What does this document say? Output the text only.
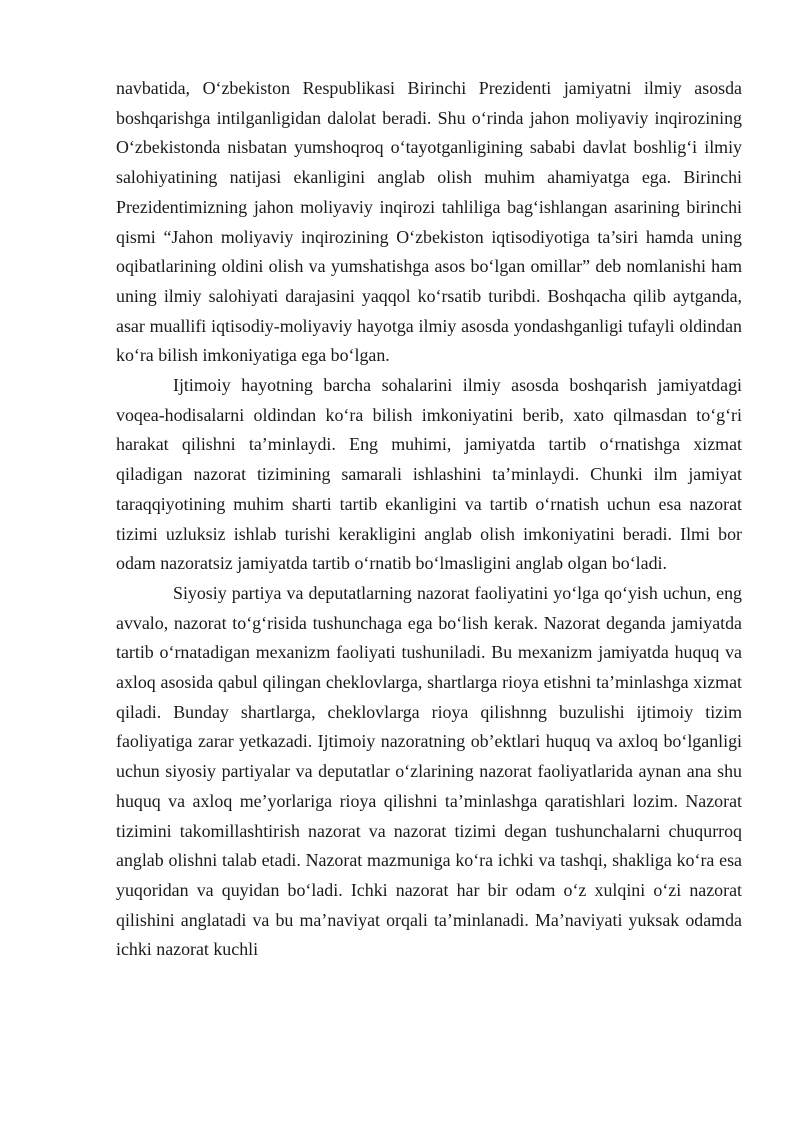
navbatida, O‘zbekiston Respublikasi Birinchi Prezidenti jamiyatni ilmiy asosda boshqarishga intilganligidan dalolat beradi. Shu o‘rinda jahon moliyaviy inqirozining O‘zbekistonda nisbatan yumshoqroq o‘tayotganligining sababi davlat boshlig‘i ilmiy salohiyatining natijasi ekanligini anglab olish muhim ahamiyatga ega. Birinchi Prezidentimizning jahon moliyaviy inqirozi tahliliga bag‘ishlangan asarining birinchi qismi “Jahon moliyaviy inqirozining O‘zbekiston iqtisodiyotiga ta’siri hamda uning oqibatlarining oldini olish va yumshatishga asos bo‘lgan omillar” deb nomlanishi ham uning ilmiy salohiyati darajasini yaqqol ko‘rsatib turibdi. Boshqacha qilib aytganda, asar muallifi iqtisodiy-moliyaviy hayotga ilmiy asosda yondashganligi tufayli oldindan ko‘ra bilish imkoniyatiga ega bo‘lgan.

Ijtimoiy hayotning barcha sohalarini ilmiy asosda boshqarish jamiyatdagi voqea-hodisalarni oldindan ko‘ra bilish imkoniyatini berib, xato qilmasdan to‘g‘ri harakat qilishni ta’minlaydi. Eng muhimi, jamiyatda tartib o‘rnatishga xizmat qiladigan nazorat tizimining samarali ishlashini ta’minlaydi. Chunki ilm jamiyat taraqqiyotining muhim sharti tartib ekanligini va tartib o‘rnatish uchun esa nazorat tizimi uzluksiz ishlab turishi kerakligini anglab olish imkoniyatini beradi. Ilmi bor odam nazoratsiz jamiyatda tartib o‘rnatib bo‘lmasligini anglab olgan bo‘ladi.

Siyosiy partiya va deputatlarning nazorat faoliyatini yo‘lga qo‘yish uchun, eng avvalo, nazorat to‘g‘risida tushunchaga ega bo‘lish kerak. Nazorat deganda jamiyatda tartib o‘rnatadigan mexanizm faoliyati tushuniladi. Bu mexanizm jamiyatda huquq va axloq asosida qabul qilingan cheklovlarga, shartlarga rioya etishni ta’minlashga xizmat qiladi. Bunday shartlarga, cheklovlarga rioya qilishnng buzulishi ijtimoiy tizim faoliyatiga zarar yetkazadi. Ijtimoiy nazoratning ob’ektlari huquq va axloq bo‘lganligi uchun siyosiy partiyalar va deputatlar o‘zlarining nazorat faoliyatlarida aynan ana shu huquq va axloq me’yorlariga rioya qilishni ta’minlashga qaratishlari lozim. Nazorat tizimini takomillashtirish nazorat va nazorat tizimi degan tushunchalarni chuqurroq anglab olishni talab etadi. Nazorat mazmuniga ko‘ra ichki va tashqi, shakliga ko‘ra esa yuqoridan va quyidan bo‘ladi. Ichki nazorat har bir odam o‘z xulqini o‘zi nazorat qilishini anglatadi va bu ma’naviyat orqali ta’minlanadi. Ma’naviyati yuksak odamda ichki nazorat kuchli
